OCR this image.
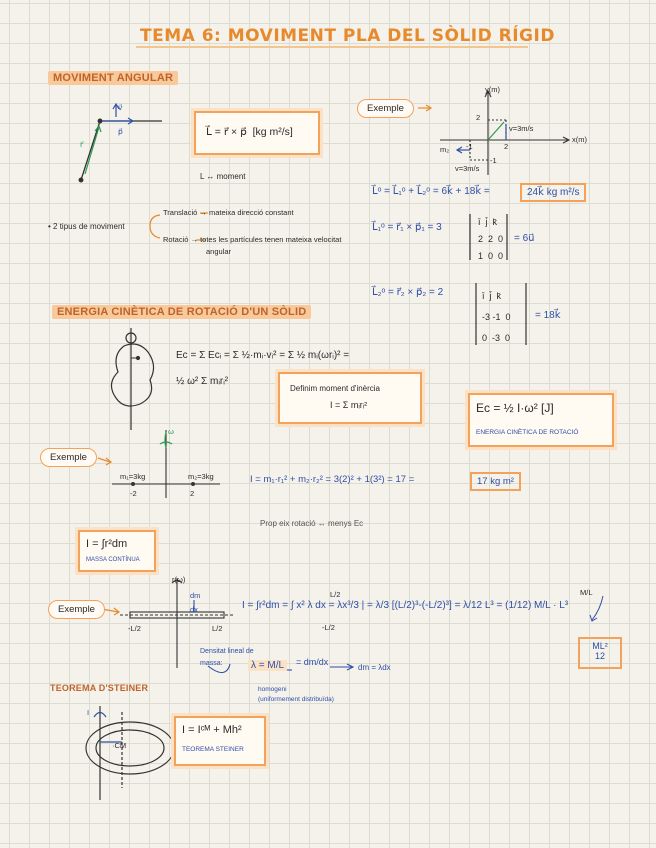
TEMA 6: MOVIMENT PLA DEL SÒLID RÍGID
MOVIMENT ANGULAR
ENERGIA CINÈTICA DE ROTACIÓ D'UN SÒLID
TEOREMA D'STEINER
L⃗ = r⃗ × p⃗  [kg m²/s]
L ↔ moment
v⃗
p⃗
r⃗
• 2 tipus de moviment
Translació → mateixa direcció constant
Rotació → totes les partícules tenen mateixa velocitat
angular
Exemple
y(m)
x(m)
2
2
-1
-1
v=3m/s
m₂
v=3m/s
L⃗ᵒ = L⃗₁ᵒ + L⃗₂ᵒ = 6k⃗ + 18k⃗ =	24k⃗ kg m²/s
L⃗₁ᵒ = r⃗₁ × p⃗₁ = 3	ī  j̄  k̄
2  2  0
1  0  0
= 6u⃗
L⃗₂ᵒ = r⃗₂ × p⃗₂ = 2	ī  j̄  k̄
-3 -1  0
0  -3  0
= 18k⃗
Ec = Σ Ecᵢ = Σ ½·mᵢ·vᵢ² = Σ ½ mᵢ(ωrᵢ)² =
½ ω² Σ mᵢrᵢ²
Definim moment d'inèrcia
I = Σ mᵢrᵢ²	Ec = ½ I·ω² [J]
ENERGIA CINÈTICA DE ROTACIÓ
Exemple
ω
m₁=3kg	m₂=3kg
-2	2
I = m₁·r₁² + m₂·r₂² = 3(2)² + 1(3²) = 17 =	17 kg m²
Prop eix rotació ↔ menys Ec
I = ∫r²dm
MASSA CONTÍNUA
Exemple
r(ω)
-L/2	L/2
dm
dx	I = ∫r²dm = ∫ x² λ dx = λx³/3 | = λ/3 [(L/2)³-(-L/2)³] = λ/12 L³ = (1/12) M/L · L³
L/2
-L/2
M/L
ML²
12
Densitat lineal de
massa:	λ = M/L	= dm/dx
dm = λdx
homogeni
(uniformement distribuïda)
·CM
I
I = Iᶜᴹ + Mh²
TEOREMA STEINER
